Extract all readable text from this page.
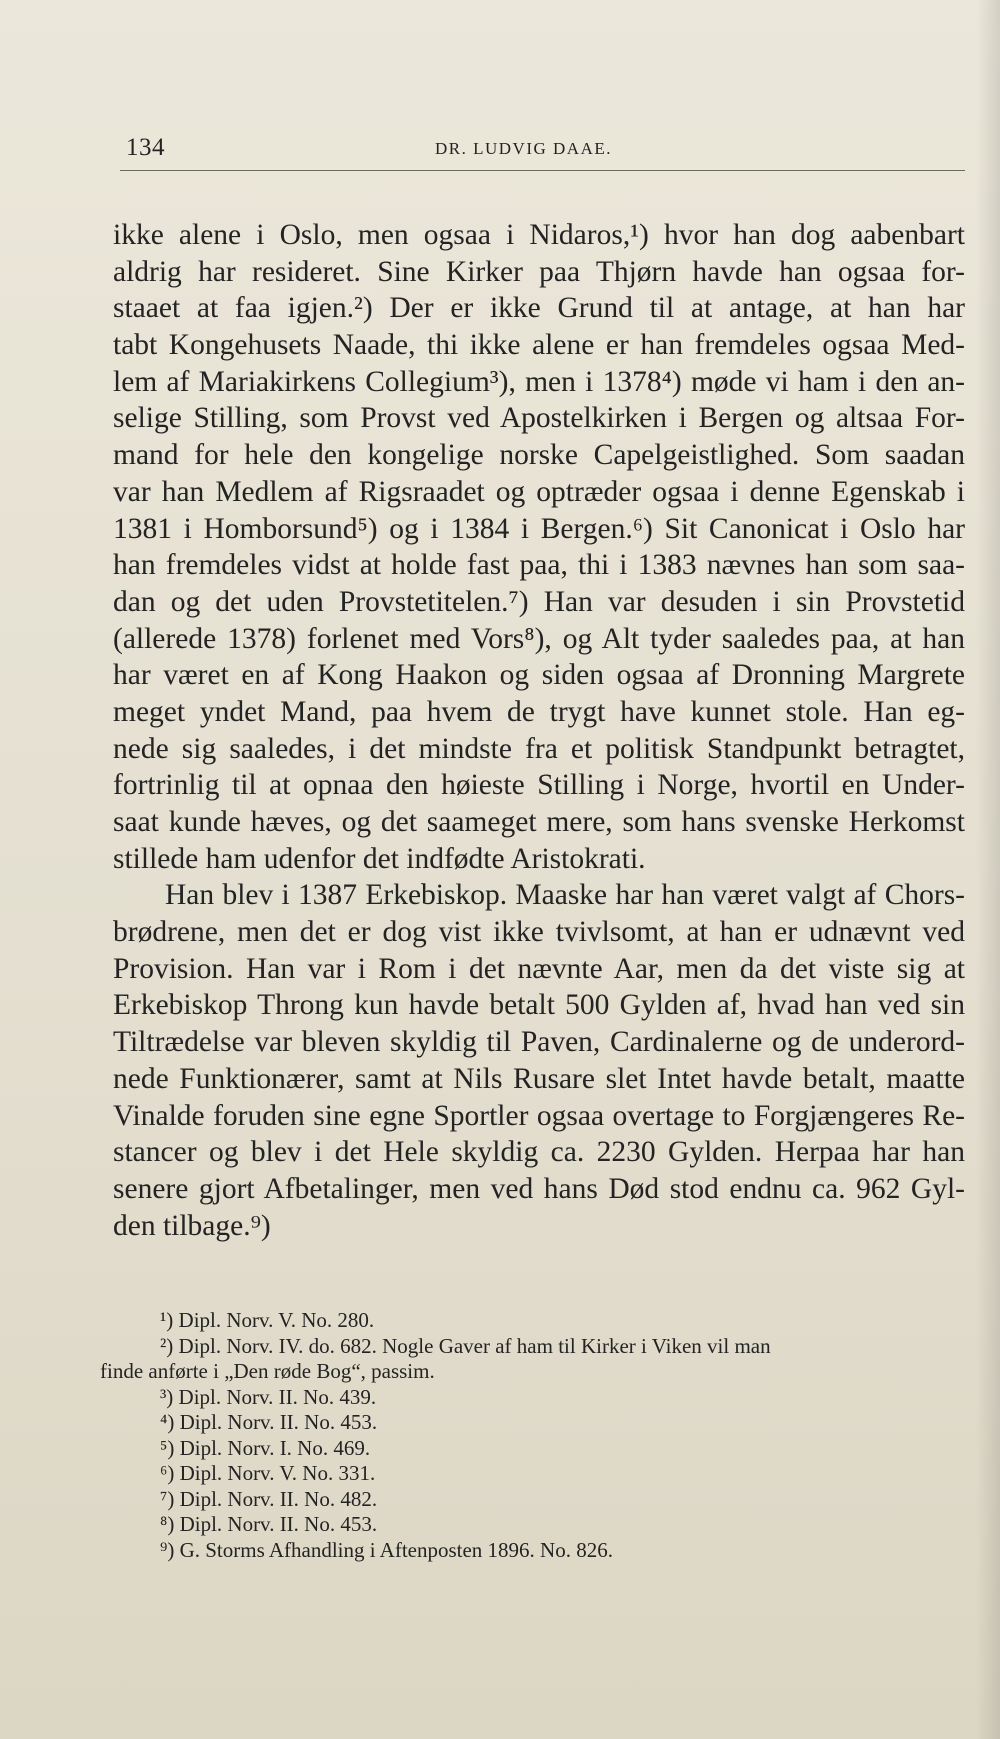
134	DR. LUDVIG DAAE.
ikke alene i Oslo, men ogsaa i Nidaros,¹) hvor han dog aabenbart
aldrig har resideret. Sine Kirker paa Thjørn havde han ogsaa for-
staaet at faa igjen.²) Der er ikke Grund til at antage, at han har
tabt Kongehusets Naade, thi ikke alene er han fremdeles ogsaa Med-
lem af Mariakirkens Collegium³), men i 1378⁴) møde vi ham i den an-
selige Stilling, som Provst ved Apostelkirken i Bergen og altsaa For-
mand for hele den kongelige norske Capelgeistlighed. Som saadan
var han Medlem af Rigsraadet og optræder ogsaa i denne Egenskab i
1381 i Homborsund⁵) og i 1384 i Bergen.⁶) Sit Canonicat i Oslo har
han fremdeles vidst at holde fast paa, thi i 1383 nævnes han som saa-
dan og det uden Provstetitelen.⁷) Han var desuden i sin Provstetid
(allerede 1378) forlenet med Vors⁸), og Alt tyder saaledes paa, at han
har været en af Kong Haakon og siden ogsaa af Dronning Margrete
meget yndet Mand, paa hvem de trygt have kunnet stole. Han eg-
nede sig saaledes, i det mindste fra et politisk Standpunkt betragtet,
fortrinlig til at opnaa den høieste Stilling i Norge, hvortil en Under-
saat kunde hæves, og det saameget mere, som hans svenske Herkomst
stillede ham udenfor det indfødte Aristokrati.
Han blev i 1387 Erkebiskop. Maaske har han været valgt af Chors-
brødrene, men det er dog vist ikke tvivlsomt, at han er udnævnt ved
Provision. Han var i Rom i det nævnte Aar, men da det viste sig at
Erkebiskop Throng kun havde betalt 500 Gylden af, hvad han ved sin
Tiltrædelse var bleven skyldig til Paven, Cardinalerne og de underord-
nede Funktionærer, samt at Nils Rusare slet Intet havde betalt, maatte
Vinalde foruden sine egne Sportler ogsaa overtage to Forgjængeres Re-
stancer og blev i det Hele skyldig ca. 2230 Gylden. Herpaa har han
senere gjort Afbetalinger, men ved hans Død stod endnu ca. 962 Gyl-
den tilbage.⁹)
¹) Dipl. Norv. V. No. 280.
²) Dipl. Norv. IV. do. 682. Nogle Gaver af ham til Kirker i Viken vil man
finde anførte i „Den røde Bog“, passim.
³) Dipl. Norv. II. No. 439.
⁴) Dipl. Norv. II. No. 453.
⁵) Dipl. Norv. I. No. 469.
⁶) Dipl. Norv. V. No. 331.
⁷) Dipl. Norv. II. No. 482.
⁸) Dipl. Norv. II. No. 453.
⁹) G. Storms Afhandling i Aftenposten 1896. No. 826.
